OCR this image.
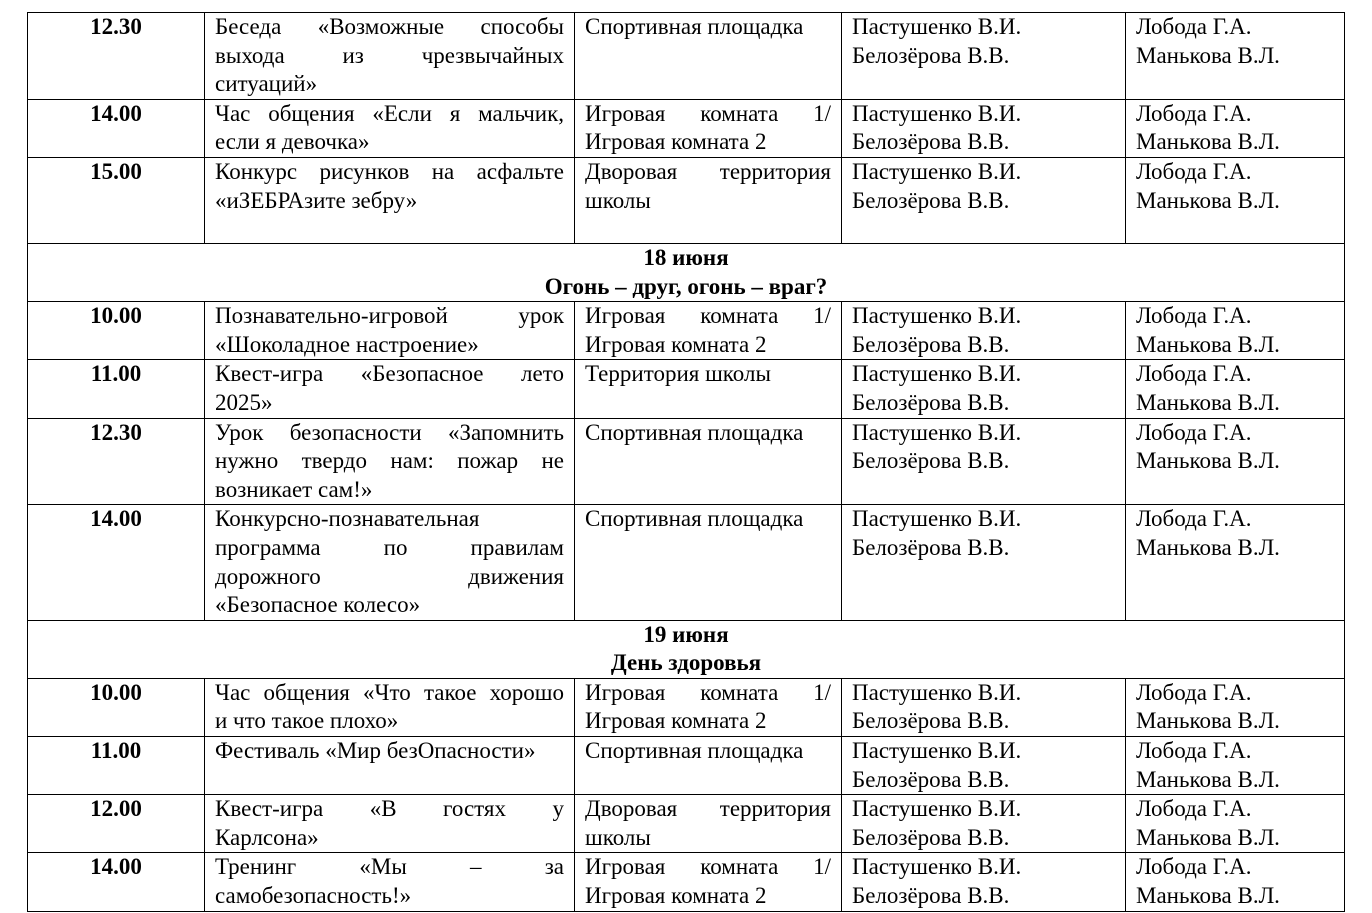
12.30	Беседа «Возможные способы
выхода из чрезвычайных
ситуаций»	Спортивная площадка	Пастушенко В.И.
Белозёрова В.В.	Лобода Г.А.
Манькова В.Л.

14.00	Час общения «Если я мальчик,
если я девочка»	Игровая комната 1/
Игровая комната 2	Пастушенко В.И.
Белозёрова В.В.	Лобода Г.А.
Манькова В.Л.

15.00	Конкурс рисунков на асфальте
«иЗЕБРАзите зебру»	Дворовая территория
школы	Пастушенко В.И.
Белозёрова В.В.	Лобода Г.А.
Манькова В.Л.

18 июня
Огонь – друг, огонь – враг?				

10.00	Познавательно-игровой урок
«Шоколадное настроение»	Игровая комната 1/
Игровая комната 2	Пастушенко В.И.
Белозёрова В.В.	Лобода Г.А.
Манькова В.Л.

11.00	Квест-игра «Безопасное лето
2025»	Территория школы	Пастушенко В.И.
Белозёрова В.В.	Лобода Г.А.
Манькова В.Л.

12.30	Урок безопасности «Запомнить
нужно твердо нам: пожар не
возникает сам!»	Спортивная площадка	Пастушенко В.И.
Белозёрова В.В.	Лобода Г.А.
Манькова В.Л.

14.00	Конкурсно-познавательная
программа по правилам
дорожного движения
«Безопасное колесо»	Спортивная площадка	Пастушенко В.И.
Белозёрова В.В.	Лобода Г.А.
Манькова В.Л.

19 июня
День здоровья				

10.00	Час общения «Что такое хорошо
и что такое плохо»	Игровая комната 1/
Игровая комната 2	Пастушенко В.И.
Белозёрова В.В.	Лобода Г.А.
Манькова В.Л.

11.00	Фестиваль «Мир безОпасности»	Спортивная площадка	Пастушенко В.И.
Белозёрова В.В.	Лобода Г.А.
Манькова В.Л.

12.00	Квест-игра «В гостях у
Карлсона»	Дворовая территория
школы	Пастушенко В.И.
Белозёрова В.В.	Лобода Г.А.
Манькова В.Л.

14.00	Тренинг «Мы – за
самобезопасность!»	Игровая комната 1/
Игровая комната 2	Пастушенко В.И.
Белозёрова В.В.	Лобода Г.А.
Манькова В.Л.
